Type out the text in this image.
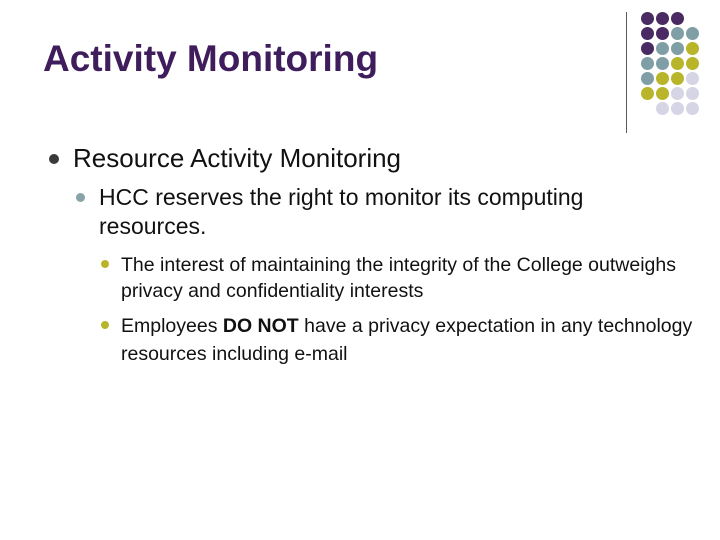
Activity Monitoring

Resource Activity Monitoring

HCC reserves the right to monitor its computing resources.

The interest of maintaining the integrity of the College outweighs privacy and confidentiality interests

Employees DO NOT have a privacy expectation in any technology resources including e-mail
